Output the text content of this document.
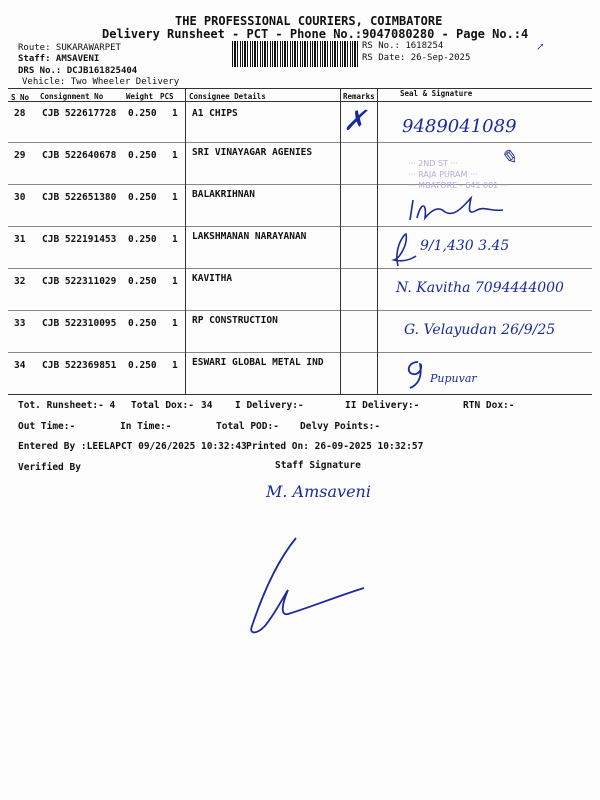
THE PROFESSIONAL COURIERS, COIMBATORE
Delivery Runsheet - PCT - Phone No.:9047080280 - Page No.:4
Route: SUKARAWARPET
Staff: AMSAVENI
DRS No.: DCJB161825404
Vehicle: Two Wheeler Delivery
RS No.: 1618254
RS Date: 26-Sep-2025
↗
S No Consignment No	Weight PCS Consignee Details	Remarks	Seal & Signature
28 CJB 522617728 0.250 1 A1 CHIPS	✗ 9489041089
29 CJB 522640678 0.250 1 SRI VINAYAGAR AGENIES
··· 2ND ST ···
··· RAJA PURAM ···
··· MBATORE - 641 001 ···
✎
30 CJB 522651380 0.250 1 BALAKRIHNAN
31 CJB 522191453 0.250 1 LAKSHMANAN NARAYANAN
9/1,430 3.45
32 CJB 522311029 0.250 1 KAVITHA
N. Kavitha 7094444000
33 CJB 522310095 0.250 1 RP CONSTRUCTION
G. Velayudan 26/9/25
34 CJB 522369851 0.250 1 ESWARI GLOBAL METAL IND
Pupuvar
Tot. Runsheet:- 4 Total Dox:- 34 I Delivery:-	II Delivery:-	RTN Dox:-
Out Time:-	In Time:-	Total POD:- Delvy Points:-
Entered By :LEELAPCT 09/26/2025 10:32:43 Printed On: 26-09-2025 10:32:57
Verified By	Staff Signature
M. Amsaveni
